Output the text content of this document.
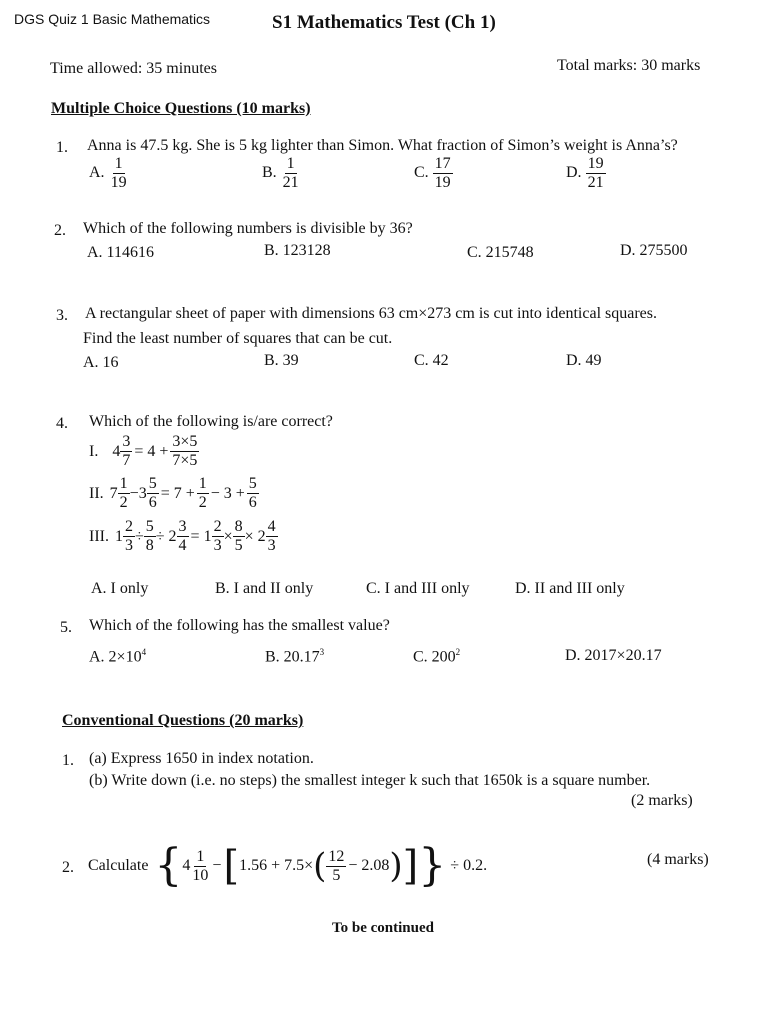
DGS Quiz 1 Basic Mathematics	S1 Mathematics Test (Ch 1)
Time allowed: 35 minutes	Total marks: 30 marks
Multiple Choice Questions (10 marks)
1. Anna is 47.5 kg. She is 5 kg lighter than Simon. What fraction of Simon’s weight is Anna’s?
A. $\frac{1}{19}$	B. $\frac{1}{21}$	C. $\frac{17}{19}$	D. $\frac{19}{21}$
2. Which of the following numbers is divisible by 36?
A. 114616	B. 123128	C. 215748	D. 275500
3. A rectangular sheet of paper with dimensions 63 cm×273 cm is cut into identical squares.
Find the least number of squares that can be cut.
A. 16	B. 39	C. 42	D. 49
4. Which of the following is/are correct?
I. $4 \frac{3}{7} = 4 + \frac{3\times 5}{7\times 5}$
II. $7 \frac{1}{2} - 3 \frac{5}{6} = 7 + \frac{1}{2} - 3 + \frac{5}{6}$
III. $1 \frac{2}{3} \div \frac{5}{8} \div 2 \frac{3}{4} = 1 \frac{2}{3} \times \frac{8}{5} \times 2 \frac{4}{3}$
A. I only	B. I and II only	C. I and III only	D. II and III only
5. Which of the following has the smallest value?
A. $2\times 10^4$	B. 20.17$^3$	C. $200^2$	D. 2017×20.17
Conventional Questions (20 marks)
1. (a) Express 1650 in index notation.
(b) Write down (i.e. no steps) the smallest integer k such that 1650k is a square number.
(2 marks)
2. Calculate { $4 \frac{1}{10}$ − [ 1.56 + 7.5× ( $\frac{12}{5} - 2.08$ ) ] } ÷ 0.2.	(4 marks)
To be continued
